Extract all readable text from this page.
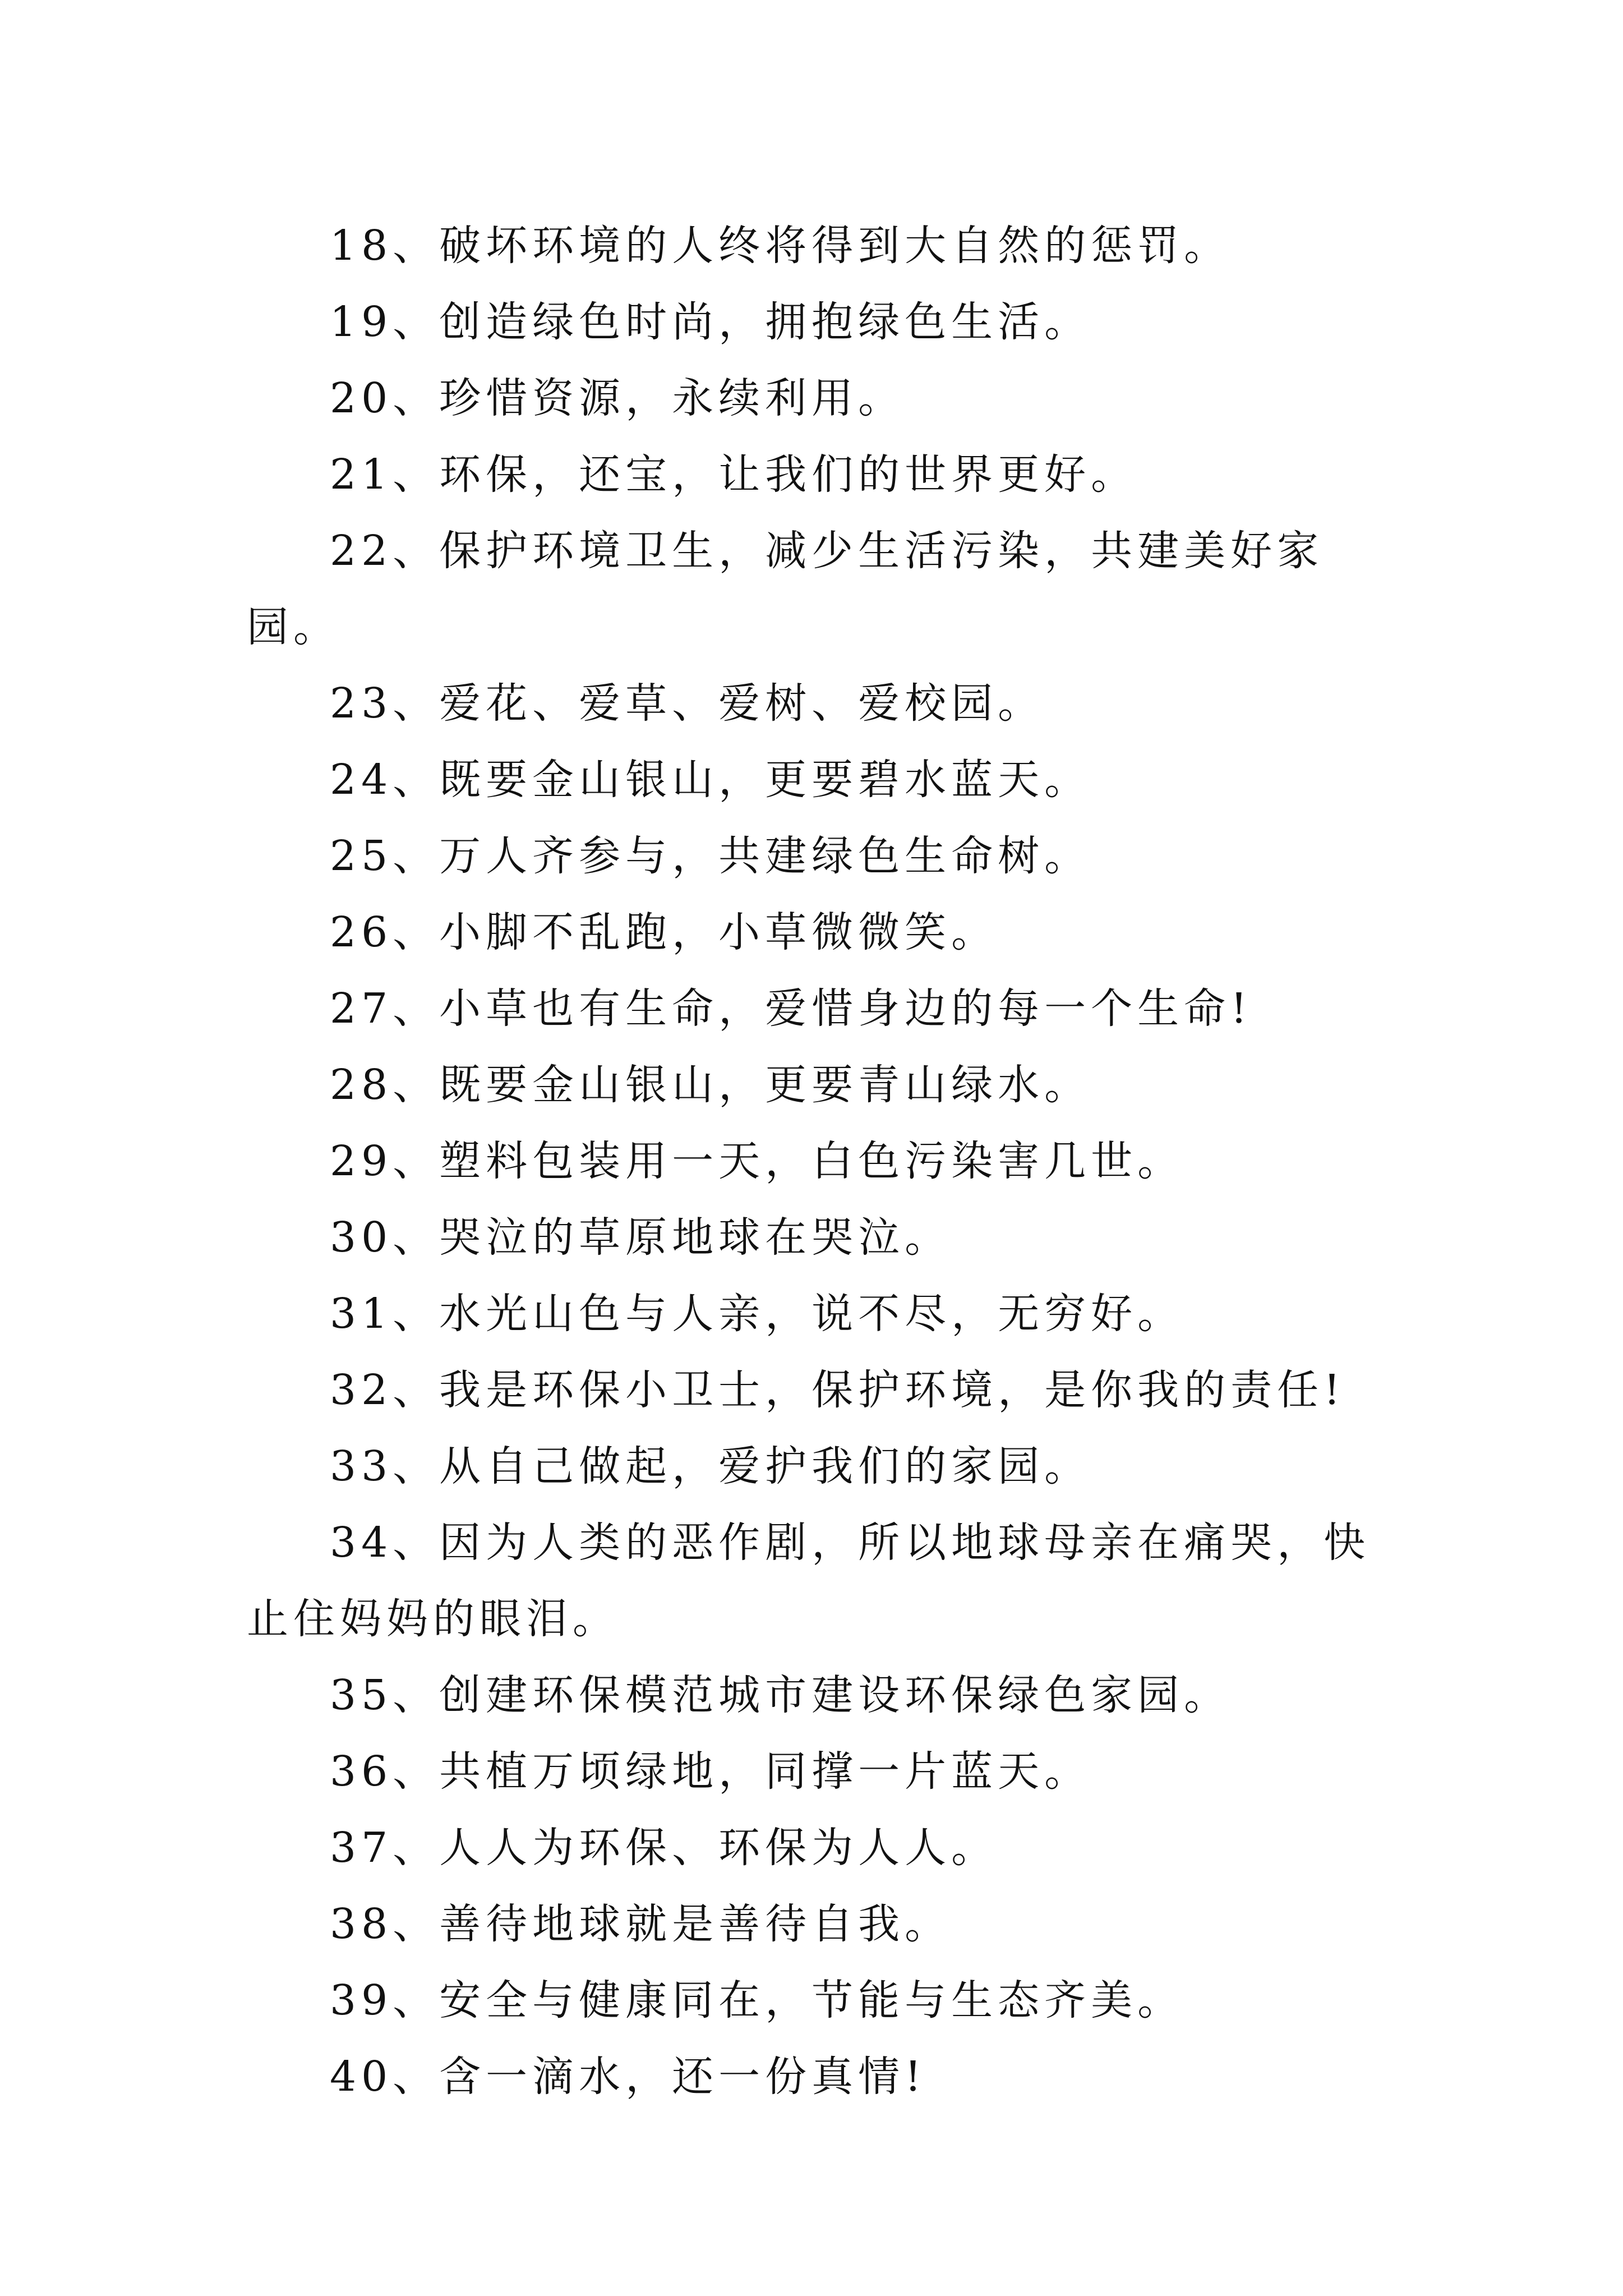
18、破坏环境的人终将得到大自然的惩罚。

19、创造绿色时尚，拥抱绿色生活。

20、珍惜资源，永续利用。

21、环保，还宝，让我们的世界更好。

22、保护环境卫生，减少生活污染，共建美好家园。

23、爱花、爱草、爱树、爱校园。

24、既要金山银山，更要碧水蓝天。

25、万人齐参与，共建绿色生命树。

26、小脚不乱跑，小草微微笑。

27、小草也有生命，爱惜身边的每一个生命!

28、既要金山银山，更要青山绿水。

29、塑料包装用一天，白色污染害几世。

30、哭泣的草原地球在哭泣。

31、水光山色与人亲，说不尽，无穷好。

32、我是环保小卫士，保护环境，是你我的责任!

33、从自己做起，爱护我们的家园。

34、因为人类的恶作剧，所以地球母亲在痛哭，快止住妈妈的眼泪。

35、创建环保模范城市建设环保绿色家园。

36、共植万顷绿地，同撑一片蓝天。

37、人人为环保、环保为人人。

38、善待地球就是善待自我。

39、安全与健康同在，节能与生态齐美。

40、含一滴水，还一份真情!
